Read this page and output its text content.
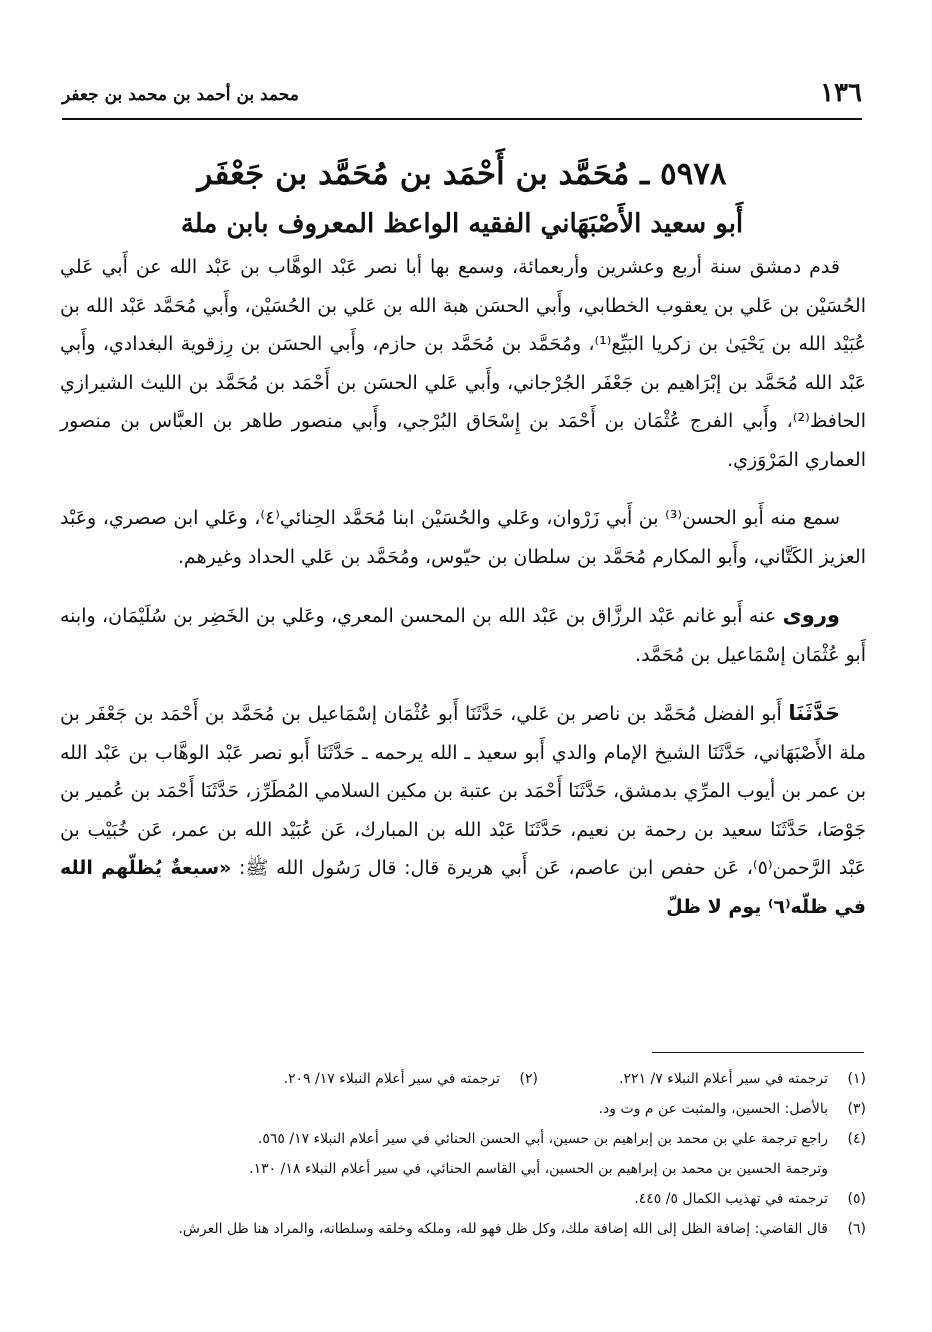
١٣٦
محمد بن أحمد بن محمد بن جعفر
٥٩٧٨ ـ مُحَمَّد بن أَحْمَد بن مُحَمَّد بن جَعْفَر
أَبو سعيد الأَصْبَهَاني الفقيه الواعظ المعروف بابن ملة

قدم دمشق سنة أربع وعشرين وأربعمائة، وسمع بها أبا نصر عَبْد الوهَّاب بن عَبْد الله عن أَبي عَلي الحُسَيْن بن عَلي بن يعقوب الخطابي، وأَبي الحسَن هبة الله بن عَلي بن الحُسَيْن، وأَبي مُحَمَّد عَبْد الله بن عُبَيْد الله بن يَحْيَىٰ بن زكريا البَيِّع⁽¹⁾، ومُحَمَّد بن مُحَمَّد بن حازم، وأَبي الحسَن بن رِزقوية البغدادي، وأَبي عَبْد الله مُحَمَّد بن إبْرَاهيم بن جَعْفَر الجُرْجاني، وأَبي عَلي الحسَن بن أَحْمَد بن مُحَمَّد بن الليث الشيرازي الحافظ⁽²⁾، وأَبي الفرج عُثْمَان بن أَحْمَد بن إِسْحَاق البُرْجي، وأَبي منصور طاهر بن العبَّاس بن منصور العماري المَرْوَزي.

سمع منه أَبو الحسن⁽³⁾ بن أَبي زَرْوان، وعَلي والحُسَيْن ابنا مُحَمَّد الحِنائي⁽٤⁾، وعَلي ابن صصري، وعَبْد العزيز الكَتَّاني، وأَبو المكارم مُحَمَّد بن سلطان بن حيّوس، ومُحَمَّد بن عَلي الحداد وغيرهم.

وروى عنه أَبو غانم عَبْد الرزَّاق بن عَبْد الله بن المحسن المعري، وعَلي بن الخَضِر بن سُلَيْمَان، وابنه أَبو عُثْمَان إسْمَاعيل بن مُحَمَّد.

حَدَّثَنَا أَبو الفضل مُحَمَّد بن ناصر بن عَلي، حَدَّثَنَا أَبو عُثْمَان إسْمَاعيل بن مُحَمَّد بن أَحْمَد بن جَعْفَر بن ملة الأَصْبَهَاني، حَدَّثَنَا الشيخ الإمام والدي أَبو سعيد ـ الله يرحمه ـ حَدَّثَنَا أَبو نصر عَبْد الوهَّاب بن عَبْد الله بن عمر بن أيوب المرِّي بدمشق، حَدَّثَنَا أَحْمَد بن عتبة بن مكين السلامي المُطَرِّز، حَدَّثَنَا أَحْمَد بن عُمير بن جَوْصَا، حَدَّثَنَا سعيد بن رحمة بن نعيم، حَدَّثَنَا عَبْد الله بن المبارك، عَن عُبَيْد الله بن عمر، عَن خُبَيْب بن عَبْد الرَّحمن⁽٥⁾، عَن حفص ابن عاصم، عَن أَبي هريرة قال: قال رَسُول الله ﷺ: «سبعةٌ يُظلّهم الله في ظلّه⁽٦⁾ يوم لا ظلّ

(١)
ترجمته في سير أعلام النبلاء ٧/ ٢٢١.
(٢)
ترجمته في سير أعلام النبلاء ١٧/ ٢٠٩.
(٣)
بالأصل: الحسين، والمثبت عن م وت ود.
(٤)
راجع ترجمة علي بن محمد بن إبراهيم بن حسين، أبي الحسن الحنائي في سير أعلام النبلاء ١٧/ ٥٦٥.
وترجمة الحسين بن محمد بن إبراهيم بن الحسين، أبي القاسم الحنائي، في سير أعلام النبلاء ١٨/ ١٣٠.
(٥)
ترجمته في تهذيب الكمال ٥/ ٤٤٥.
(٦)
قال القاضي: إضافة الظل إلى الله إضافة ملك، وكل ظل فهو لله، وملكه وخلقه وسلطانه، والمراد هنا ظل العرش.
